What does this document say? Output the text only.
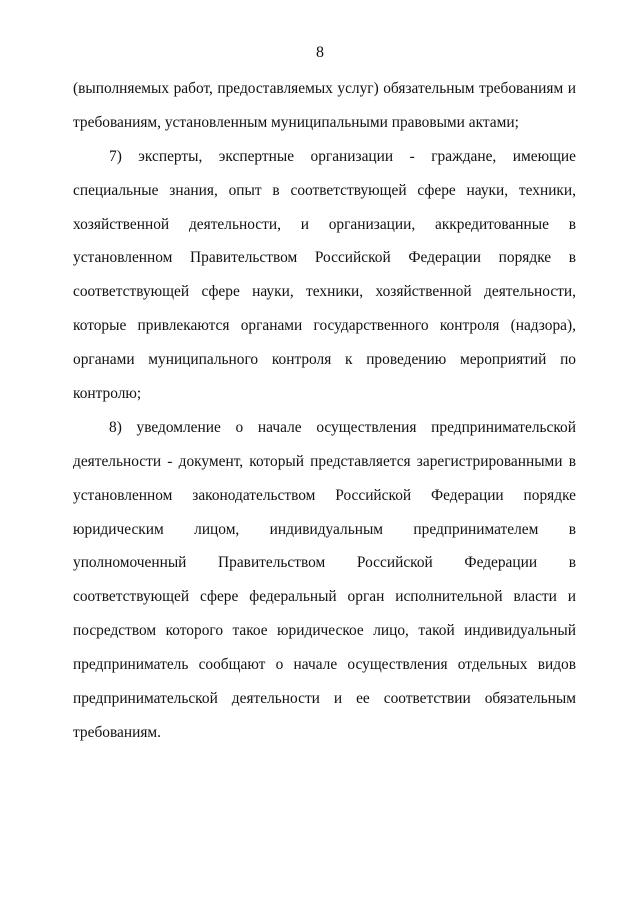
8
(выполняемых работ, предоставляемых услуг) обязательным требованиям и
требованиям, установленным муниципальными правовыми актами;
7) эксперты, экспертные организации - граждане, имеющие
специальные знания, опыт в соответствующей сфере науки, техники,
хозяйственной деятельности, и организации, аккредитованные в
установленном Правительством Российской Федерации порядке в
соответствующей сфере науки, техники, хозяйственной деятельности,
которые привлекаются органами государственного контроля (надзора),
органами муниципального контроля к проведению мероприятий по
контролю;
8) уведомление о начале осуществления предпринимательской
деятельности - документ, который представляется зарегистрированными в
установленном законодательством Российской Федерации порядке
юридическим лицом, индивидуальным предпринимателем в
уполномоченный Правительством Российской Федерации в
соответствующей сфере федеральный орган исполнительной власти и
посредством которого такое юридическое лицо, такой индивидуальный
предприниматель сообщают о начале осуществления отдельных видов
предпринимательской деятельности и ее соответствии обязательным
требованиям.
